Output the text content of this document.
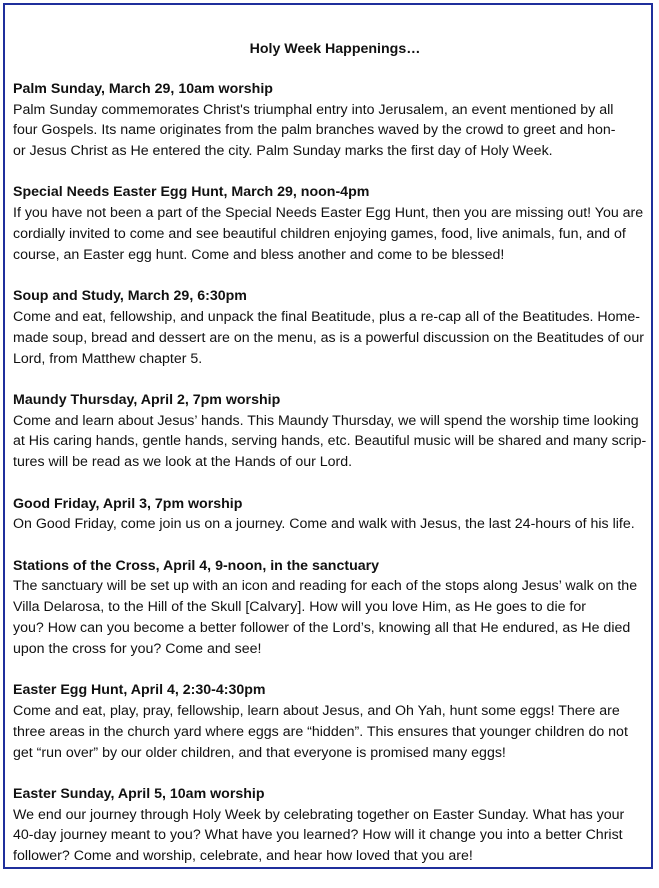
Holy Week Happenings…
Palm Sunday, March 29, 10am worship
Palm Sunday commemorates Christ's triumphal entry into Jerusalem, an event mentioned by all
four Gospels. Its name originates from the palm branches waved by the crowd to greet and hon-
or Jesus Christ as He entered the city. Palm Sunday marks the first day of Holy Week.
Special Needs Easter Egg Hunt, March 29, noon-4pm
If you have not been a part of the Special Needs Easter Egg Hunt, then you are missing out! You are
cordially invited to come and see beautiful children enjoying games, food, live animals, fun, and of
course, an Easter egg hunt. Come and bless another and come to be blessed!
Soup and Study, March 29, 6:30pm
Come and eat, fellowship, and unpack the final Beatitude, plus a re-cap all of the Beatitudes. Home-
made soup, bread and dessert are on the menu, as is a powerful discussion on the Beatitudes of our
Lord, from Matthew chapter 5.
Maundy Thursday, April 2, 7pm worship
Come and learn about Jesus’ hands. This Maundy Thursday, we will spend the worship time looking
at His caring hands, gentle hands, serving hands, etc. Beautiful music will be shared and many scrip-
tures will be read as we look at the Hands of our Lord.
Good Friday, April 3, 7pm worship
On Good Friday, come join us on a journey. Come and walk with Jesus, the last 24-hours of his life.
Stations of the Cross, April 4, 9-noon, in the sanctuary
The sanctuary will be set up with an icon and reading for each of the stops along Jesus’ walk on the
Villa Delarosa, to the Hill of the Skull [Calvary]. How will you love Him, as He goes to die for
you? How can you become a better follower of the Lord’s, knowing all that He endured, as He died
upon the cross for you? Come and see!
Easter Egg Hunt, April 4, 2:30-4:30pm
Come and eat, play, pray, fellowship, learn about Jesus, and Oh Yah, hunt some eggs! There are
three areas in the church yard where eggs are “hidden”. This ensures that younger children do not
get “run over” by our older children, and that everyone is promised many eggs!
Easter Sunday, April 5, 10am worship
We end our journey through Holy Week by celebrating together on Easter Sunday. What has your
40-day journey meant to you? What have you learned? How will it change you into a better Christ
follower? Come and worship, celebrate, and hear how loved that you are!
